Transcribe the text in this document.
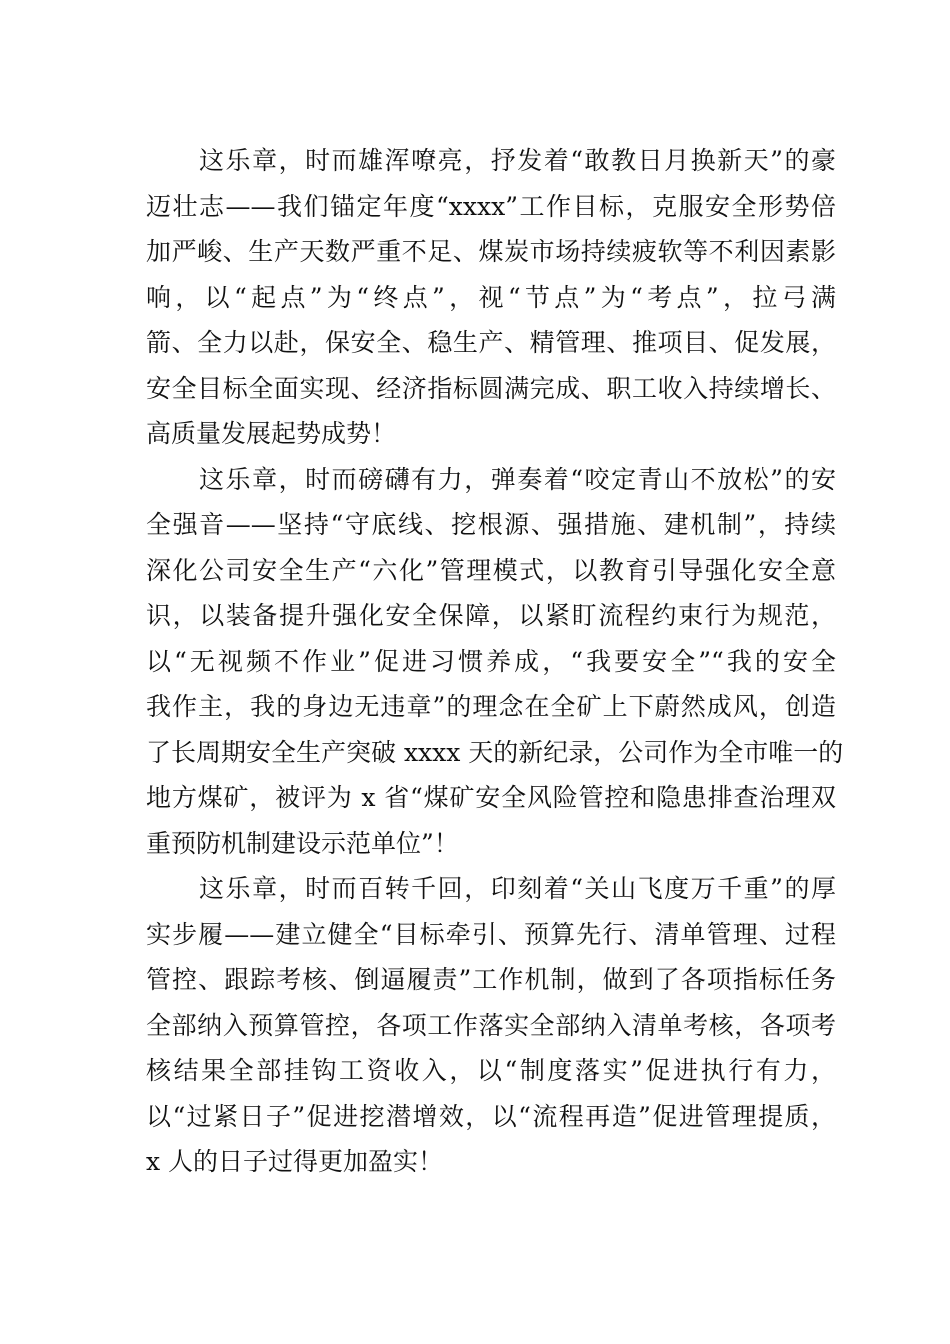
　　这乐章，时而雄浑嘹亮，抒发着“敢教日月换新天”的豪
迈壮志——我们锚定年度“xxxx”工作目标，克服安全形势倍
加严峻、生产天数严重不足、煤炭市场持续疲软等不利因素影
响，以“起点”为“终点”，视“节点”为“考点”，拉弓满
箭、全力以赴，保安全、稳生产、精管理、推项目、促发展，
安全目标全面实现、经济指标圆满完成、职工收入持续增长、
高质量发展起势成势！

　　这乐章，时而磅礴有力，弹奏着“咬定青山不放松”的安
全强音——坚持“守底线、挖根源、强措施、建机制”，持续
深化公司安全生产“六化”管理模式，以教育引导强化安全意
识，以装备提升强化安全保障，以紧盯流程约束行为规范，
以“无视频不作业”促进习惯养成，“我要安全”“我的安全
我作主，我的身边无违章”的理念在全矿上下蔚然成风，创造
了长周期安全生产突破 xxxx 天的新纪录，公司作为全市唯一的
地方煤矿，被评为 x 省“煤矿安全风险管控和隐患排查治理双
重预防机制建设示范单位”！

　　这乐章，时而百转千回，印刻着“关山飞度万千重”的厚
实步履——建立健全“目标牵引、预算先行、清单管理、过程
管控、跟踪考核、倒逼履责”工作机制，做到了各项指标任务
全部纳入预算管控，各项工作落实全部纳入清单考核，各项考
核结果全部挂钩工资收入，以“制度落实”促进执行有力，
以“过紧日子”促进挖潜增效，以“流程再造”促进管理提质，
x 人的日子过得更加盈实！
